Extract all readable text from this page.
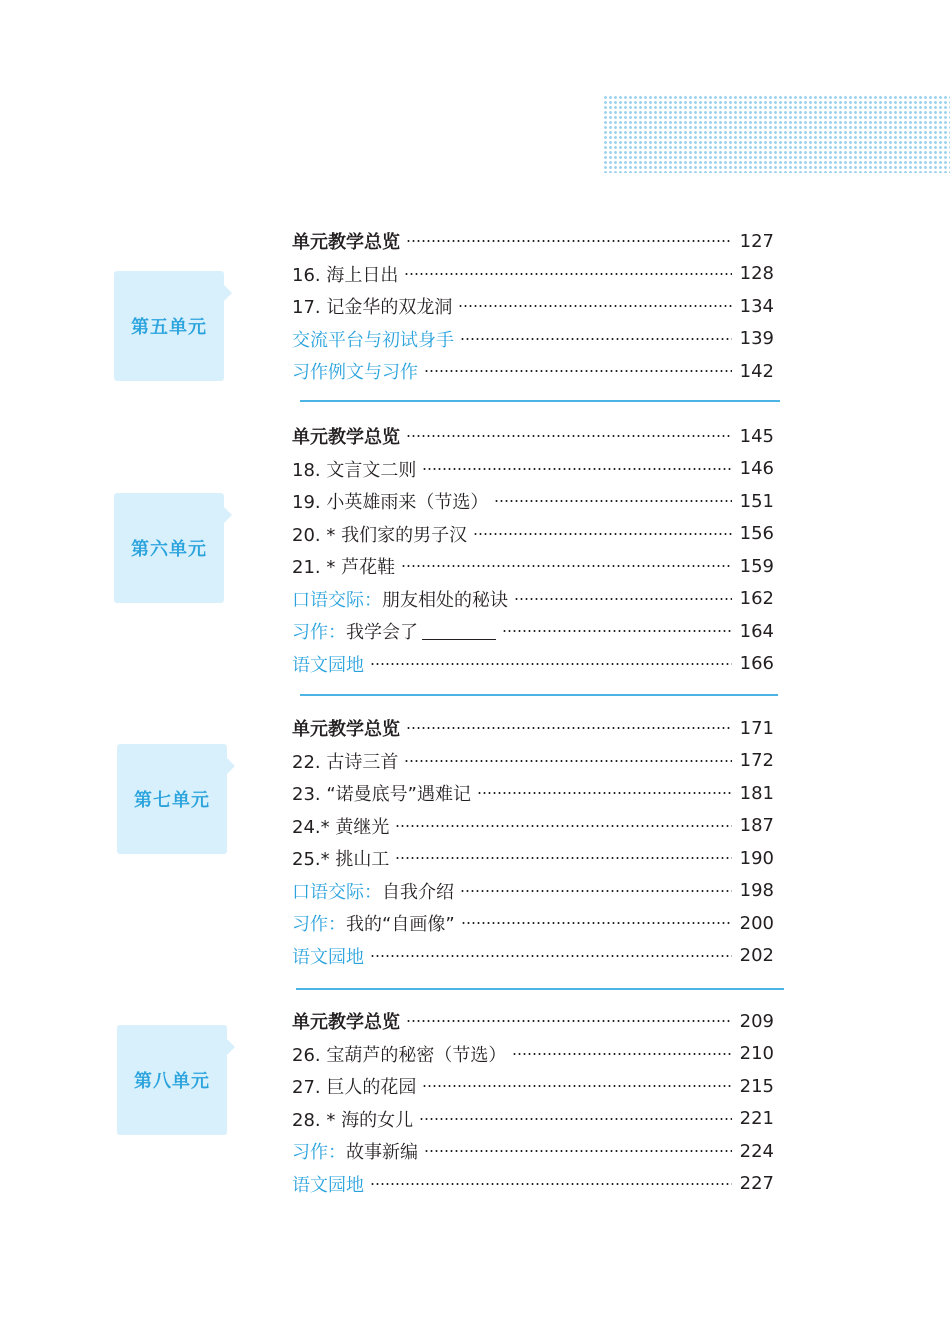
第五单元
单元教学总览	127
16. 海上日出	128
17. 记金华的双龙洞	134
交流平台与初试身手	139
习作例文与习作	142
第六单元
单元教学总览	145
18. 文言文二则	146
19. 小英雄雨来（节选）	151
20. * 我们家的男子汉	156
21. * 芦花鞋	159
口语交际： 朋友相处的秘诀	162
习作： 我学会了	164
语文园地	166
第七单元
单元教学总览	171
22. 古诗三首	172
23. “诺曼底号”遇难记	181
24.* 黄继光	187
25.* 挑山工	190
口语交际： 自我介绍	198
习作： 我的“自画像”	200
语文园地	202
第八单元
单元教学总览	209
26. 宝葫芦的秘密（节选）	210
27. 巨人的花园	215
28. * 海的女儿	221
习作： 故事新编	224
语文园地	227
